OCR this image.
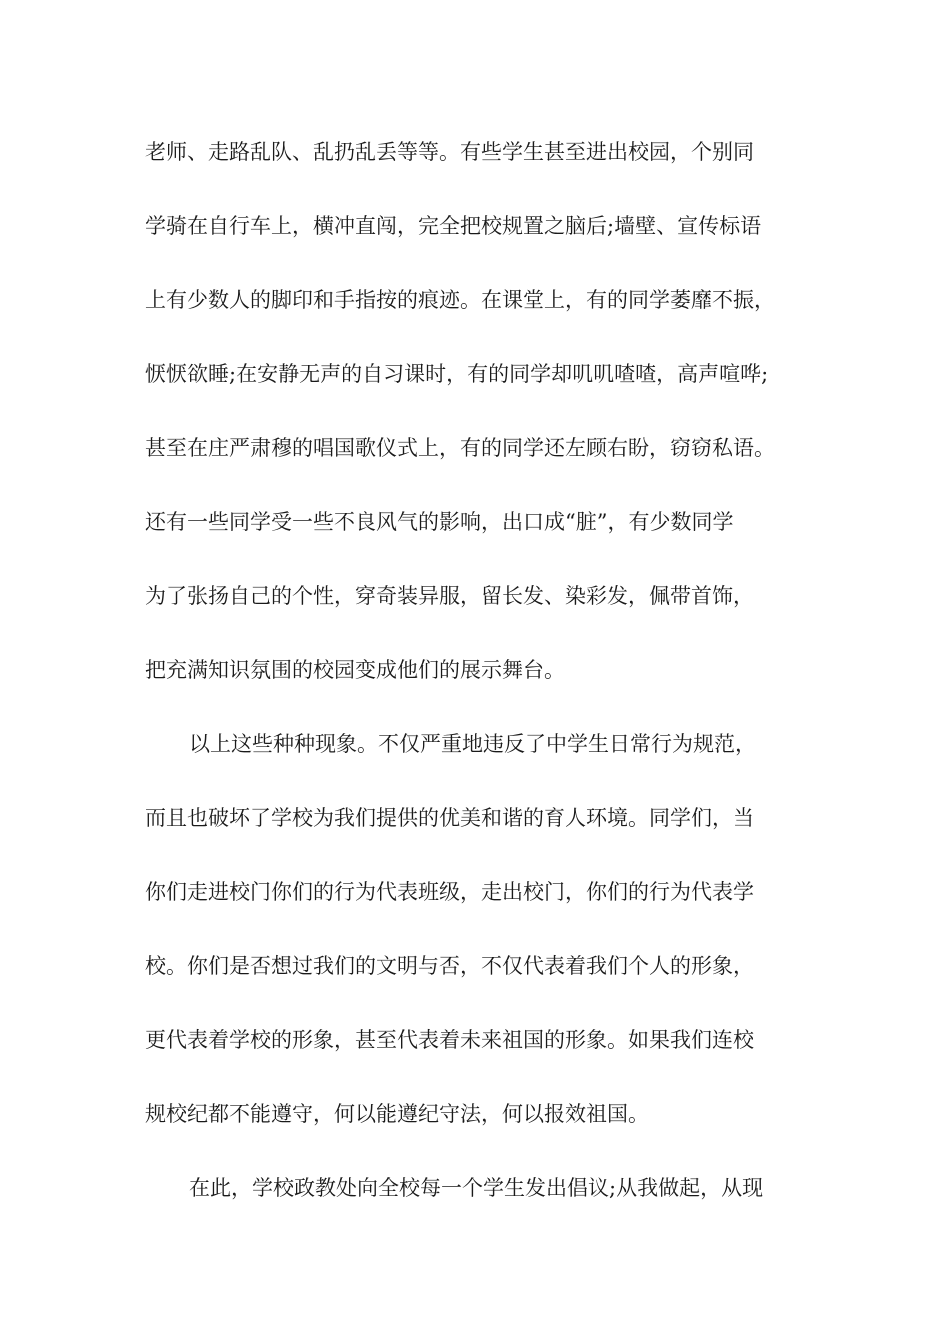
老师、走路乱队、乱扔乱丢等等。有些学生甚至进出校园，个别同
学骑在自行车上，横冲直闯，完全把校规置之脑后;墙壁、宣传标语
上有少数人的脚印和手指按的痕迹。在课堂上，有的同学萎靡不振，
恹恹欲睡;在安静无声的自习课时，有的同学却叽叽喳喳，高声喧哗;
甚至在庄严肃穆的唱国歌仪式上，有的同学还左顾右盼，窃窃私语。
还有一些同学受一些不良风气的影响，出口成“脏”，有少数同学
为了张扬自己的个性，穿奇装异服，留长发、染彩发，佩带首饰，
把充满知识氛围的校园变成他们的展示舞台。
以上这些种种现象。不仅严重地违反了中学生日常行为规范，
而且也破坏了学校为我们提供的优美和谐的育人环境。同学们，当
你们走进校门你们的行为代表班级，走出校门，你们的行为代表学
校。你们是否想过我们的文明与否，不仅代表着我们个人的形象，
更代表着学校的形象，甚至代表着未来祖国的形象。如果我们连校
规校纪都不能遵守，何以能遵纪守法，何以报效祖国。
在此，学校政教处向全校每一个学生发出倡议;从我做起，从现
